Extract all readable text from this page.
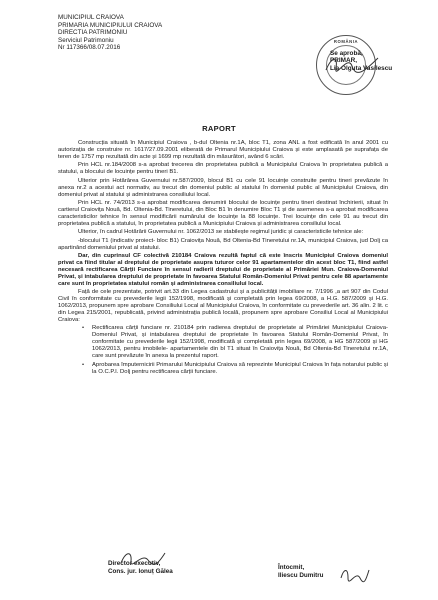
MUNICIPIUL CRAIOVA
PRIMARIA MUNICIPIULUI CRAIOVA
DIRECTIA PATRIMONIU
Serviciul Patrimoniu
Nr 117366/08.07.2016
ROMÂNIA
Se aprobă,
PRIMAR,
Lia Olguta Vasilescu
RAPORT

Construcția situată în Municipiul Craiova , b-dul Oltenia nr.1A, bloc T1, zona ANL a fost edificată în anul 2001 cu autorizația de construire nr. 1617/27.09.2001 eliberată de Primarul Municipiului Craiova și este amplasată pe suprafața de teren de 1757 mp rezultată din acte și 1699 mp rezultată din măsurători, având 6 scări.

Prin HCL nr.184/2008 s-a aprobat trecerea din proprietatea publică a Municipiului Craiova în proprietatea publică a statului, a blocului de locuințe pentru tineri B1.

Ulterior prin Hotărârea Guvernului nr.587/2009, blocul B1 cu cele 91 locuințe construite pentru tineri prevăzute în anexa nr.2 a acestui act normativ, au trecut din domeniul public al statului în domeniul public al Municipiului Craiova, din domeniul privat al statului și administrarea consiliului local.

Prin HCL nr. 74/2013 s-a aprobat modificarea denumirii blocului de locuințe pentru tineri destinat închirierii, situat în cartierul Craiovița Nouă, Bd. Oltenia-Bd. Tineretului, din Bloc B1 în denumire Bloc T1 și de asemenea s-a aprobat modificarea caracteristicilor tehnice în sensul modificării numărului de locuințe la 88 locuințe. Trei locuințe din cele 91 au trecut din proprietatea publică a statului, în proprietatea publică a Municipiului Craiova și administrarea consiliului local.

Ulterior, în cadrul Hotărârii Guvernului nr. 1062/2013 se stabilește regimul juridic și caracteristicile tehnice ale:

-blocului T1 (indicativ proiect- bloc B1) Craiovița Nouă, Bd Oltenia-Bd Tineretului nr.1A, municipiul Craiova, jud Dolj ca apartinând domeniului privat al statului.

Dar, din cuprinsul CF colectivă 210184 Craiova rezultă faptul că este înscris Municipiul Craiova domeniul privat ca fiind titular al dreptului de proprietate asupra tuturor celor 91 apartamentelor din acest bloc T1, fiind astfel necesară rectificarea Cărții Funciare în sensul radierii dreptului de proprietate al Primăriei Mun. Craiova-Domeniul Privat, și intabularea dreptului de proprietate în favoarea Statului Român-Domeniul Privat pentru cele 88 apartamente care sunt în proprietatea statului român și administrarea consiliului local.

Față de cele prezentate, potrivit art.33 din Legea cadastrului și a publicității imobiliare nr. 7/1996 ,a art 907 din Codul Civil în conformitate cu prevederile legii 152/1998, modificată și completată prin legea 69/2008, a H.G. 587/2009 și H.G. 1062/2013, propunem spre aprobare Consiliului Local al Municipiului Craiova, în conformitate cu prevederile art. 36 alin. 2 lit. c din Legea 215/2001, republicată, privind administrația publică locală, propunem spre aprobare Consiliul Local al Municipiului Craiova:

• Rectificarea cărții funciare nr. 210184 prin radierea dreptului de proprietate al Primăriei Municipiului Craiova-Domeniul Privat, și intabularea dreptului de proprietate în favoarea Statului Român-Domeniul Privat, în conformitate cu prevederile legii 152/1998, modificată și completată prin legea 69/2008, a HG 587/2009 și HG 1062/2013, pentru imobilele- apartamentele din bl T1 situat în Craiovița Nouă, Bd Oltenia-Bd Tineretului nr.1A, care sunt prevăzute în anexa la prezentul raport.
• Aprobarea împuternicirii Primarului Municipiului Craiova să reprezinte Municipiul Craiova în fața notarului public și la O.C.P.I. Dolj pentru rectificarea cărții funciare.
Director executiv,
Cons. jur. Ionuț Gălea
Întocmit,
Iliescu Dumitru
